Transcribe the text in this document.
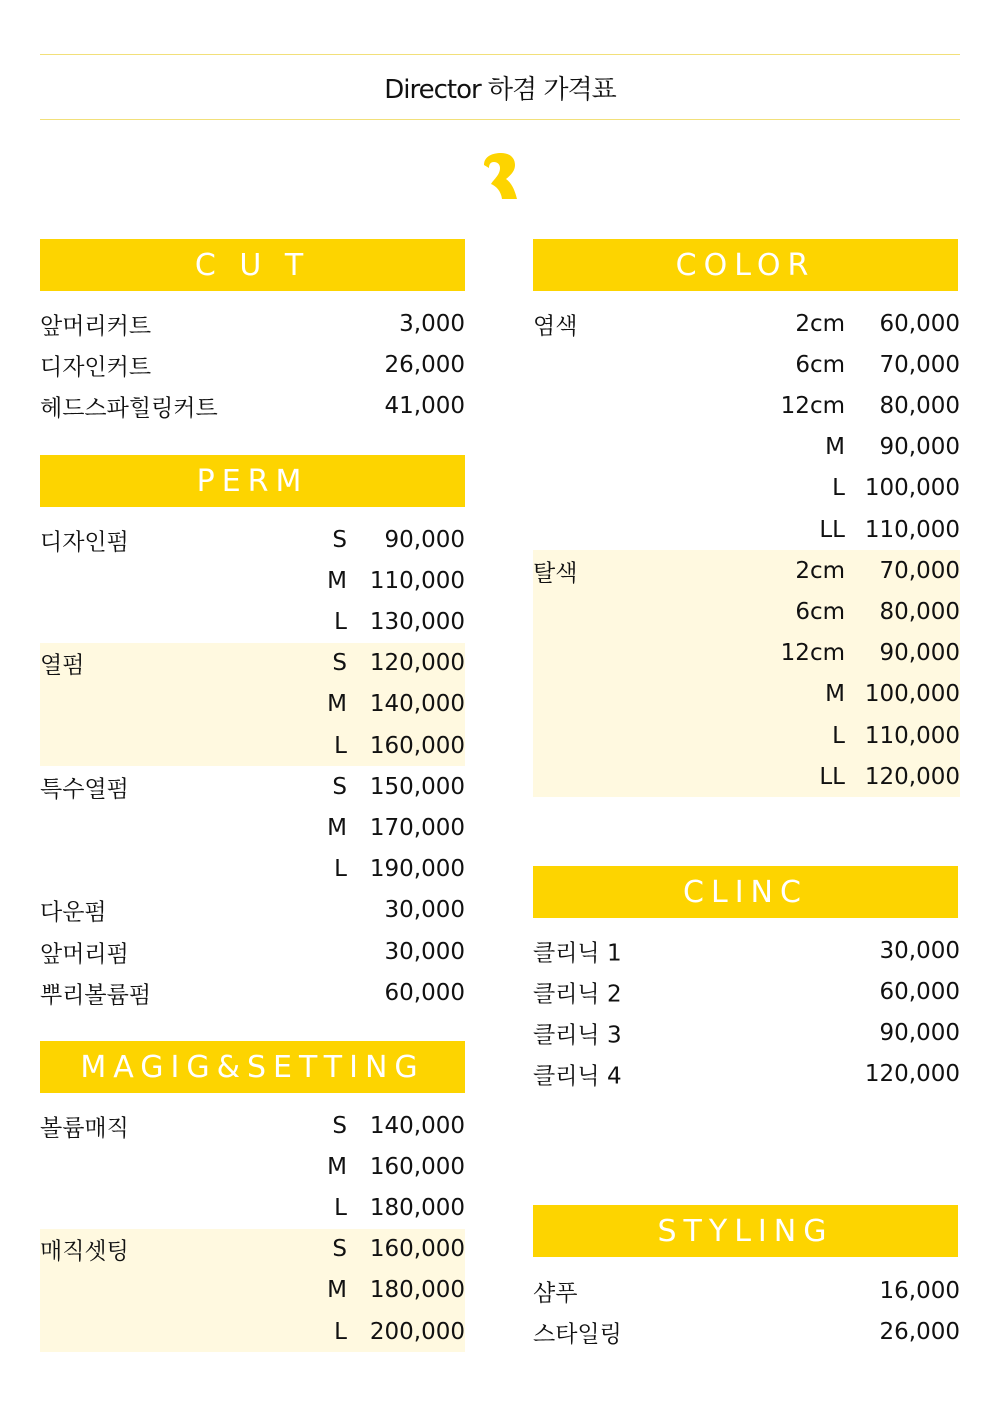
Director 하겸 가격표
C U T
앞머리커트	3,000
디자인커트	26,000
헤드스파힐링커트	41,000
PERM
디자인펌	S 90,000
M 110,000
L 130,000
열펌	S 120,000
M 140,000
L 160,000
특수열펌	S 150,000
M 170,000
L 190,000
다운펌	30,000
앞머리펌	30,000
뿌리볼륨펌	60,000
MAGIG&SETTING
볼륨매직	S 140,000
M 160,000
L 180,000
매직셋팅	S 160,000
M 180,000
L 200,000
COLOR
염색	2cm 60,000
6cm 70,000
12cm 80,000
M 90,000
L 100,000
LL 110,000
탈색	2cm 70,000
6cm 80,000
12cm 90,000
M 100,000
L 110,000
LL 120,000
CLINC
클리닉 1	30,000
클리닉 2	60,000
클리닉 3	90,000
클리닉 4	120,000
STYLING
샴푸	16,000
스타일링	26,000
